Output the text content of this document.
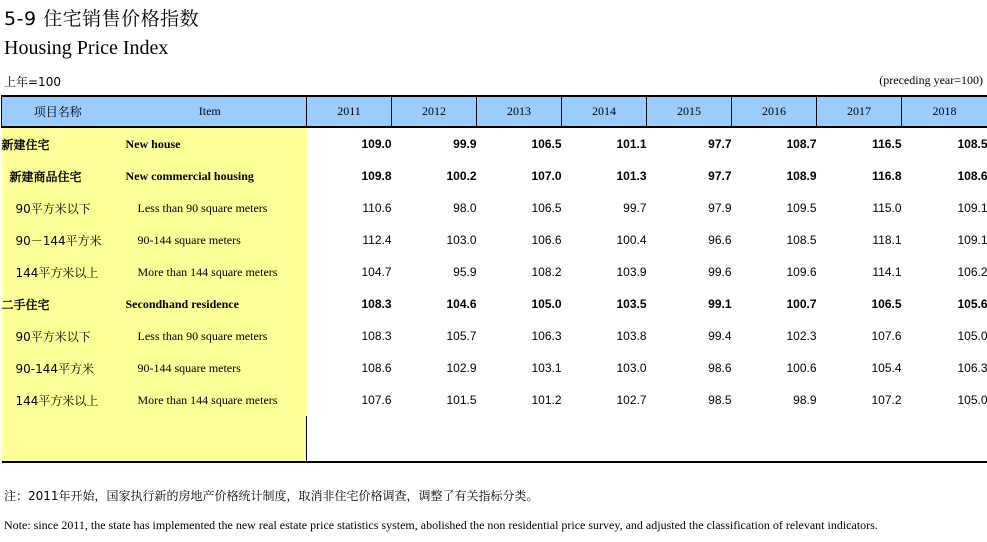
5-9 住宅销售价格指数
Housing Price Index
上年=100	(preceding year=100)
项目名称	Item	2011	2012	2013	2014	2015	2016	2017	2018
新建住宅	New house	109.0	99.9	106.5	101.1	97.7	108.7	116.5	108.5
新建商品住宅	New commercial housing	109.8	100.2	107.0	101.3	97.7	108.9	116.8	108.6
90平方米以下	Less than 90 square meters	110.6	98.0	106.5	99.7	97.9	109.5	115.0	109.1
90－144平方米	90-144 square meters	112.4	103.0	106.6	100.4	96.6	108.5	118.1	109.1
144平方米以上	More than 144 square meters	104.7	95.9	108.2	103.9	99.6	109.6	114.1	106.2
二手住宅	Secondhand residence	108.3	104.6	105.0	103.5	99.1	100.7	106.5	105.6
90平方米以下	Less than 90 square meters	108.3	105.7	106.3	103.8	99.4	102.3	107.6	105.0
90-144平方米	90-144 square meters	108.6	102.9	103.1	103.0	98.6	100.6	105.4	106.3
144平方米以上	More than 144 square meters	107.6	101.5	101.2	102.7	98.5	98.9	107.2	105.0

注：2011年开始，国家执行新的房地产价格统计制度，取消非住宅价格调查，调整了有关指标分类。
Note: since 2011, the state has implemented the new real estate price statistics system, abolished the non residential price survey, and adjusted the classification of relevant indicators.
